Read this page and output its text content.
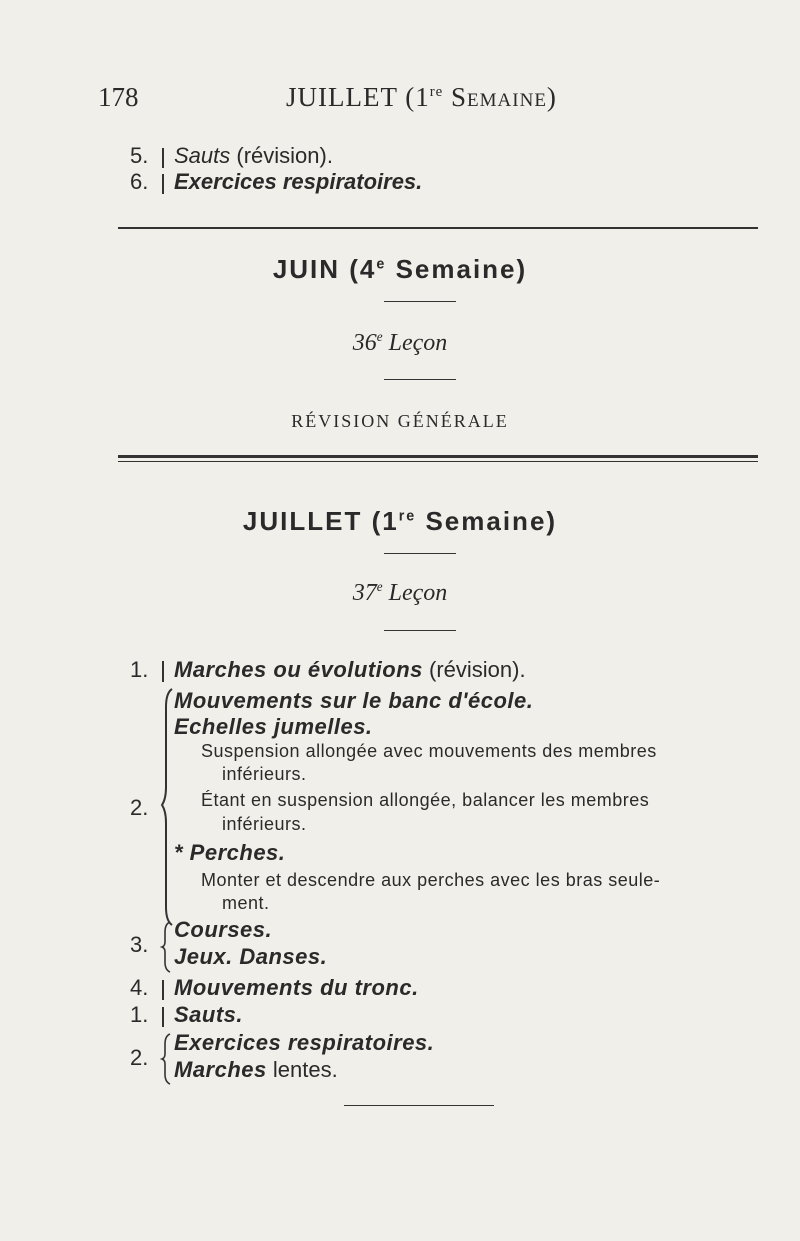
178	JUILLET (1re Semaine)
5. Sauts (révision).
6. Exercices respiratoires.
JUIN (4e Semaine)
36e Leçon
RÉVISION GÉNÉRALE
JUILLET (1re Semaine)
37e Leçon
1. Marches ou évolutions (révision).
2.
Mouvements sur le banc d'école.
Echelles jumelles.
Suspension allongée avec mouvements des membres
inférieurs.
Étant en suspension allongée, balancer les membres
inférieurs.
* Perches.
Monter et descendre aux perches avec les bras seule-
ment.
3.
Courses.
Jeux. Danses.
4. Mouvements du tronc.
1. Sauts.
2.
Exercices respiratoires.
Marches lentes.
